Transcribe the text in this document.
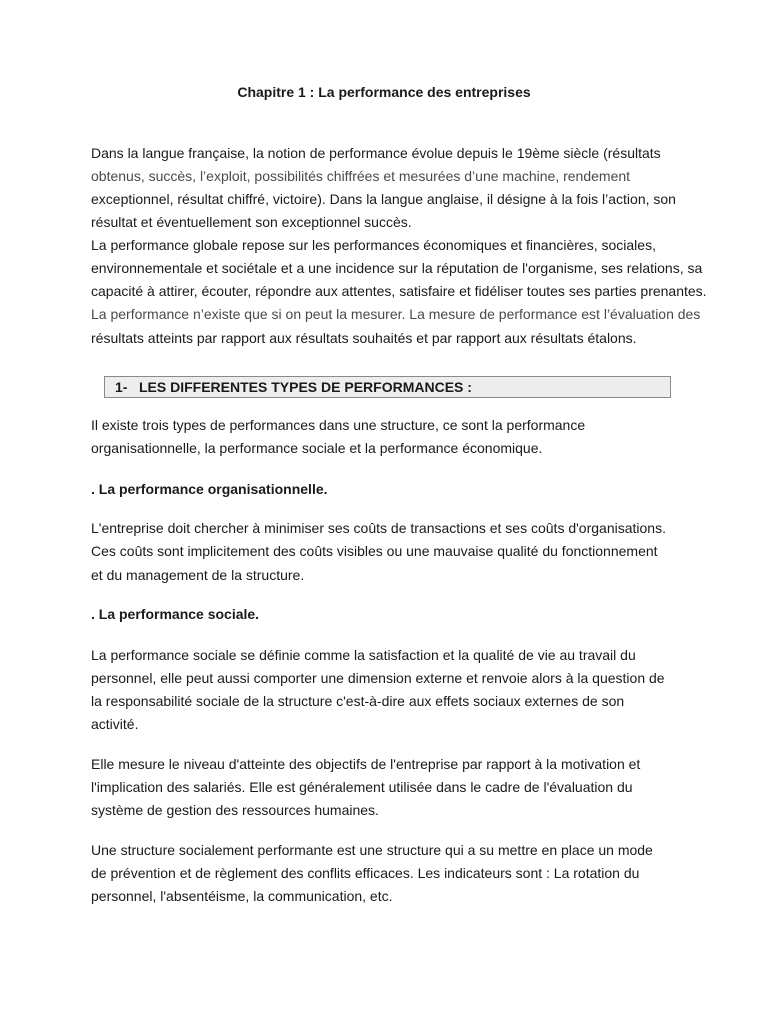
Chapitre 1 : La performance des entreprises

Dans la langue française, la notion de performance évolue depuis le 19ème siècle (résultats

obtenus, succès, l’exploit, possibilités chiffrées et mesurées d’une machine, rendement

exceptionnel, résultat chiffré, victoire). Dans la langue anglaise, il désigne à la fois l’action, son

résultat et éventuellement son exceptionnel succès.

La performance globale repose sur les performances économiques et financières, sociales,

environnementale et sociétale et a une incidence sur la réputation de l'organisme, ses relations, sa

capacité à attirer, écouter, répondre aux attentes, satisfaire et fidéliser toutes ses parties prenantes.

La performance n’existe que si on peut la mesurer. La mesure de performance est l’évaluation des

résultats atteints par rapport aux résultats souhaités et par rapport aux résultats étalons.

1- LES DIFFERENTES TYPES DE PERFORMANCES :

Il existe trois types de performances dans une structure, ce sont la performance

organisationnelle, la performance sociale et la performance économique.

. La performance organisationnelle.

L'entreprise doit chercher à minimiser ses coûts de transactions et ses coûts d'organisations.

Ces coûts sont implicitement des coûts visibles ou une mauvaise qualité du fonctionnement

et du management de la structure.

. La performance sociale.

La performance sociale se définie comme la satisfaction et la qualité de vie au travail du

personnel, elle peut aussi comporter une dimension externe et renvoie alors à la question de

la responsabilité sociale de la structure c'est-à-dire aux effets sociaux externes de son

activité.

Elle mesure le niveau d'atteinte des objectifs de l'entreprise par rapport à la motivation et

l'implication des salariés. Elle est généralement utilisée dans le cadre de l'évaluation du

système de gestion des ressources humaines.

Une structure socialement performante est une structure qui a su mettre en place un mode

de prévention et de règlement des conflits efficaces. Les indicateurs sont : La rotation du

personnel, l'absentéisme, la communication, etc.
